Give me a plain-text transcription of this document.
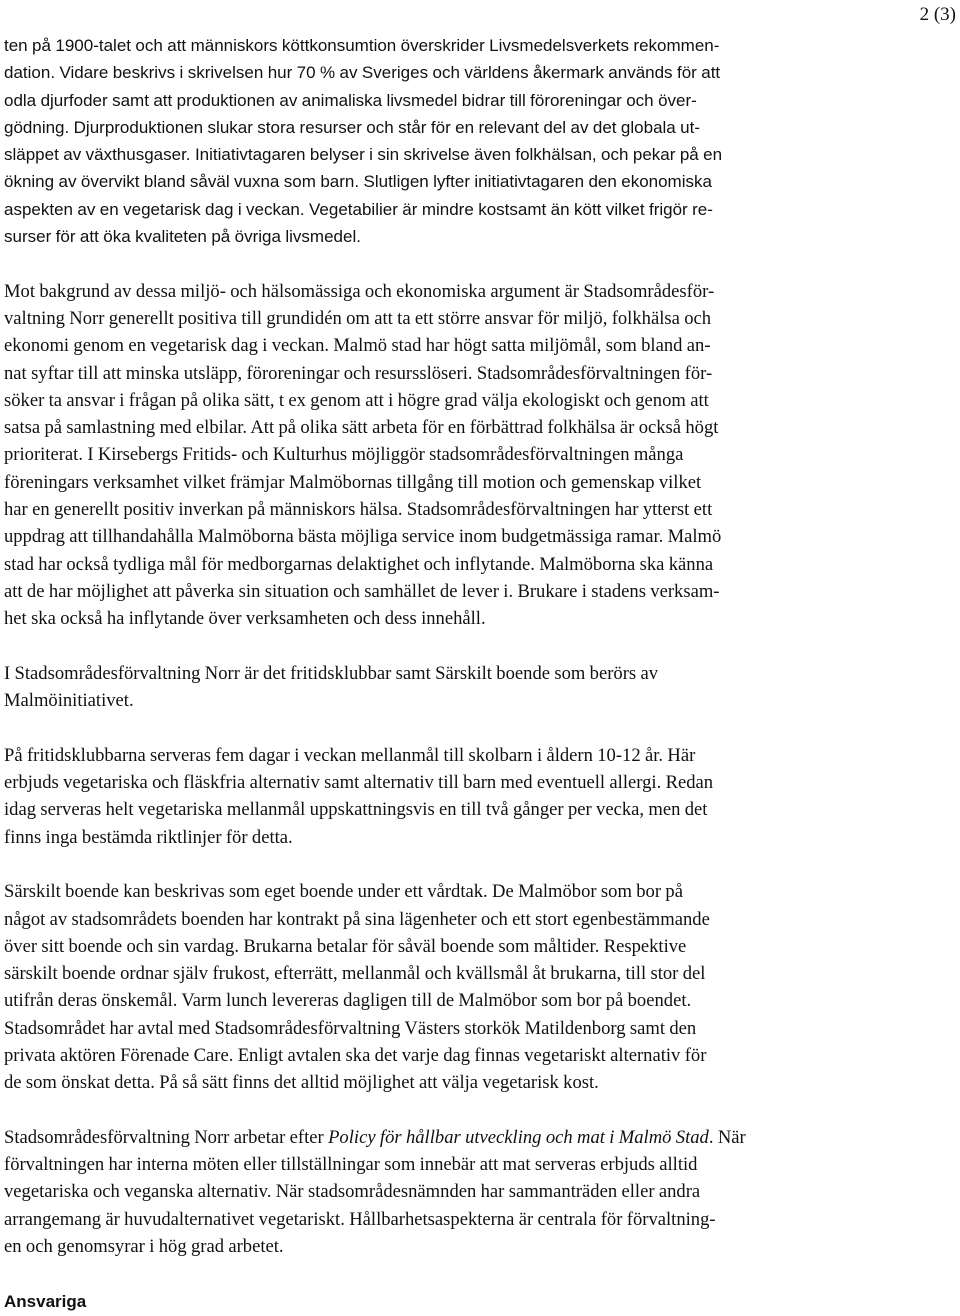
2 (3)

ten på 1900-talet och att människors köttkonsumtion överskrider Livsmedelsverkets rekommen-
dation. Vidare beskrivs i skrivelsen hur 70 % av Sveriges och världens åkermark används för att
odla djurfoder samt att produktionen av animaliska livsmedel bidrar till föroreningar och över-
gödning. Djurproduktionen slukar stora resurser och står för en relevant del av det globala ut-
släppet av växthusgaser. Initiativtagaren belyser i sin skrivelse även folkhälsan, och pekar på en
ökning av övervikt bland såväl vuxna som barn. Slutligen lyfter initiativtagaren den ekonomiska
aspekten av en vegetarisk dag i veckan. Vegetabilier är mindre kostsamt än kött vilket frigör re-
surser för att öka kvaliteten på övriga livsmedel.

Mot bakgrund av dessa miljö- och hälsomässiga och ekonomiska argument är Stadsområdesför-
valtning Norr generellt positiva till grundidén om att ta ett större ansvar för miljö, folkhälsa och
ekonomi genom en vegetarisk dag i veckan. Malmö stad har högt satta miljömål, som bland an-
nat syftar till att minska utsläpp, föroreningar och resursslöseri. Stadsområdesförvaltningen för-
söker ta ansvar i frågan på olika sätt, t ex genom att i högre grad välja ekologiskt och genom att
satsa på samlastning med elbilar. Att på olika sätt arbeta för en förbättrad folkhälsa är också högt
prioriterat. I Kirsebergs Fritids- och Kulturhus möjliggör stadsområdesförvaltningen många
föreningars verksamhet vilket främjar Malmöbornas tillgång till motion och gemenskap vilket
har en generellt positiv inverkan på människors hälsa. Stadsområdesförvaltningen har ytterst ett
uppdrag att tillhandahålla Malmöborna bästa möjliga service inom budgetmässiga ramar. Malmö
stad har också tydliga mål för medborgarnas delaktighet och inflytande. Malmöborna ska känna
att de har möjlighet att påverka sin situation och samhället de lever i. Brukare i stadens verksam-
het ska också ha inflytande över verksamheten och dess innehåll.

I Stadsområdesförvaltning Norr är det fritidsklubbar samt Särskilt boende som berörs av
Malmöinitiativet.

På fritidsklubbarna serveras fem dagar i veckan mellanmål till skolbarn i åldern 10-12 år. Här
erbjuds vegetariska och fläskfria alternativ samt alternativ till barn med eventuell allergi. Redan
idag serveras helt vegetariska mellanmål uppskattningsvis en till två gånger per vecka, men det
finns inga bestämda riktlinjer för detta.

Särskilt boende kan beskrivas som eget boende under ett vårdtak. De Malmöbor som bor på
något av stadsområdets boenden har kontrakt på sina lägenheter och ett stort egenbestämmande
över sitt boende och sin vardag. Brukarna betalar för såväl boende som måltider. Respektive
särskilt boende ordnar själv frukost, efterrätt, mellanmål och kvällsmål åt brukarna, till stor del
utifrån deras önskemål. Varm lunch levereras dagligen till de Malmöbor som bor på boendet.
Stadsområdet har avtal med Stadsområdesförvaltning Västers storkök Matildenborg samt den
privata aktören Förenade Care. Enligt avtalen ska det varje dag finnas vegetariskt alternativ för
de som önskat detta. På så sätt finns det alltid möjlighet att välja vegetarisk kost.

Stadsområdesförvaltning Norr arbetar efter Policy för hållbar utveckling och mat i Malmö Stad. När
förvaltningen har interna möten eller tillställningar som innebär att mat serveras erbjuds alltid
vegetariska och veganska alternativ. När stadsområdesnämnden har sammanträden eller andra
arrangemang är huvudalternativet vegetariskt. Hållbarhetsaspekterna är centrala för förvaltning-
en och genomsyrar i hög grad arbetet.

Ansvariga
